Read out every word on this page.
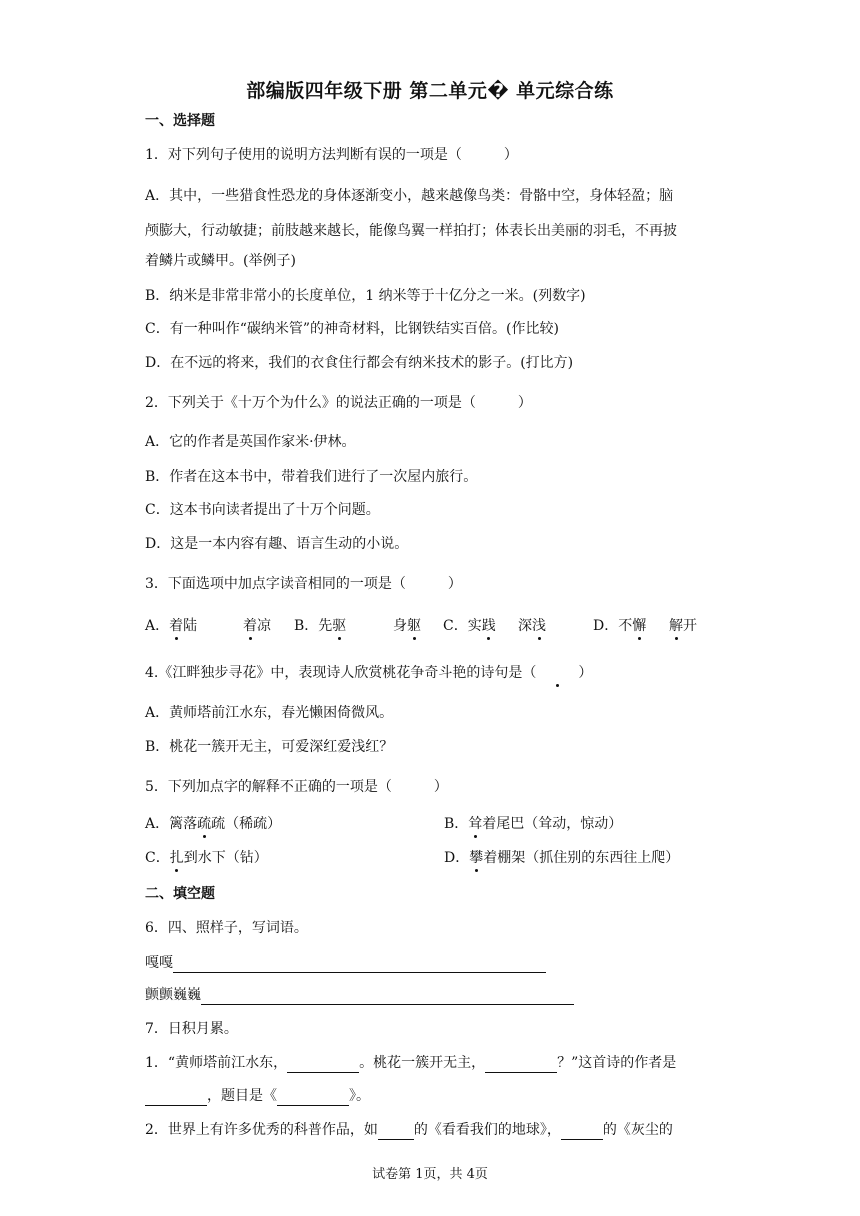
部编版四年级下册 第二单元� 单元综合练
一、选择题
1．对下列句子使用的说明方法判断有误的一项是（　　　）
A．其中，一些猎食性恐龙的身体逐渐变小，越来越像鸟类：骨骼中空，身体轻盈；脑
颅膨大，行动敏捷；前肢越来越长，能像鸟翼一样拍打；体表长出美丽的羽毛，不再披
着鳞片或鳞甲。(举例子)
B．纳米是非常非常小的长度单位，1 纳米等于十亿分之一米。(列数字)
C．有一种叫作“碳纳米管”的神奇材料，比钢铁结实百倍。(作比较)
D．在不远的将来，我们的衣食住行都会有纳米技术的影子。(打比方)
2．下列关于《十万个为什么》的说法正确的一项是（　　　）
A．它的作者是英国作家米·伊林。
B．作者在这本书中，带着我们进行了一次屋内旅行。
C．这本书向读者提出了十万个问题。
D．这是一本内容有趣、语言生动的小说。
3．下面选项中加点字读音相同的一项是（　　　）
A．着陆	着凉 B．先驱	身躯 C．实践 深浅	D．不懈 解开
4.《江畔独步寻花》中，表现诗人欣赏桃花争奇斗艳的诗句是（　　　）
A．黄师塔前江水东，春光懒困倚微风。
B．桃花一簇开无主，可爱深红爱浅红？
5．下列加点字的解释不正确的一项是（　　　）
A．篱落疏疏（稀疏）	B．耸着尾巴（耸动，惊动）
C．扎到水下（钻）	D．攀着棚架（抓住别的东西往上爬）
二、填空题
6．四、照样子，写词语。
嘎嘎
颤颤巍巍
7．日积月累。
1．“黄师塔前江水东，	。桃花一簇开无主，	？”这首诗的作者是
，题目是《	》。
2．世界上有许多优秀的科普作品，如	的《看看我们的地球》，	的《灰尘的
试卷第 1页，共 4页
